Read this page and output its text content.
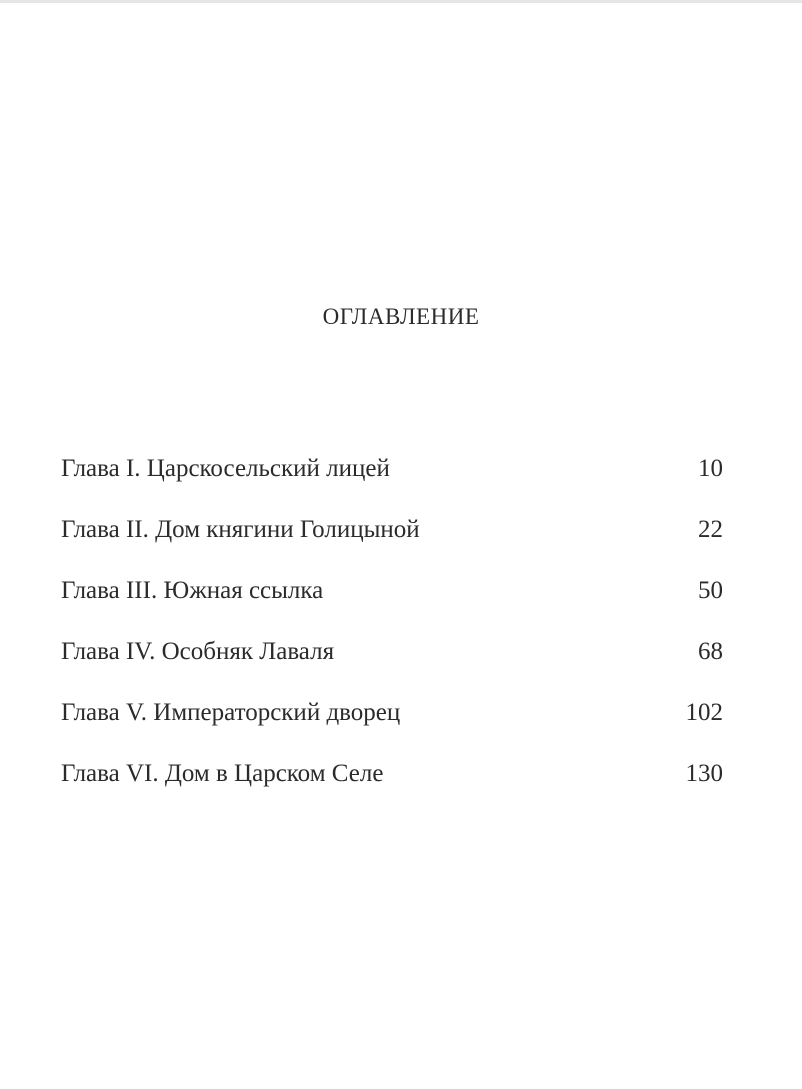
ОГЛАВЛЕНИЕ
Глава I. Царскосельский лицей	10
Глава II. Дом княгини Голицыной	22
Глава III. Южная ссылка	50
Глава IV. Особняк Лаваля	68
Глава V. Императорский дворец	102
Глава VI. Дом в Царском Селе	130
